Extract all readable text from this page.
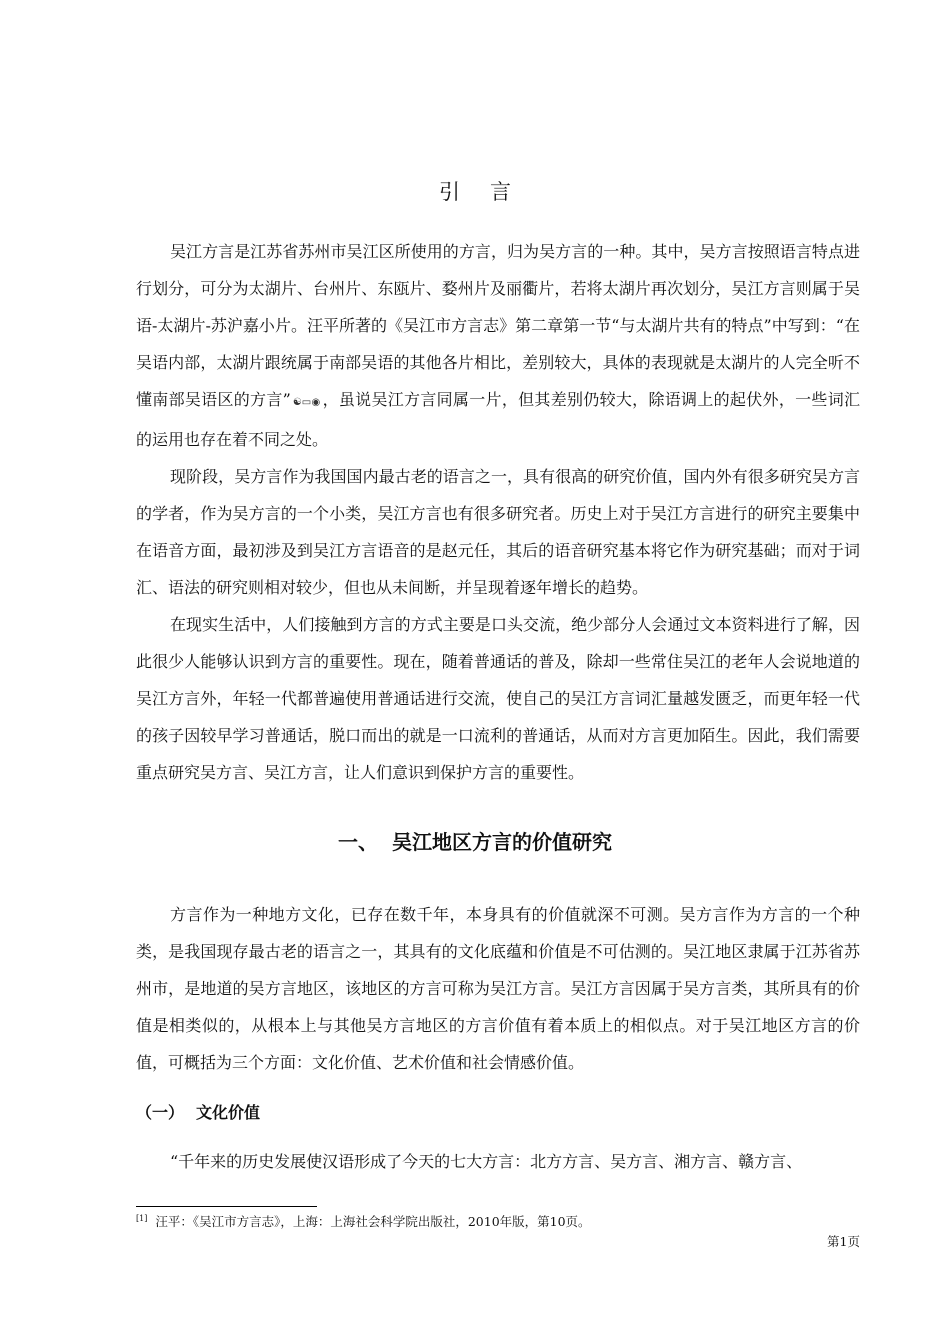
引言

吴江方言是江苏省苏州市吴江区所使用的方言，归为吴方言的一种。其中，吴方言按照语言特点进行划分，可分为太湖片、台州片、东瓯片、婺州片及丽衢片，若将太湖片再次划分，吴江方言则属于吴语-太湖片-苏沪嘉小片。汪平所著的《吴江市方言志》第二章第一节“与太湖片共有的特点”中写到：“在吴语内部，太湖片跟统属于南部吴语的其他各片相比，差别较大，具体的表现就是太湖片的人完全听不懂南部吴语区的方言” ☯▭◉ ，虽说吴江方言同属一片，但其差别仍较大，除语调上的起伏外，一些词汇的运用也存在着不同之处。

现阶段，吴方言作为我国国内最古老的语言之一，具有很高的研究价值，国内外有很多研究吴方言的学者，作为吴方言的一个小类，吴江方言也有很多研究者。历史上对于吴江方言进行的研究主要集中在语音方面，最初涉及到吴江方言语音的是赵元任，其后的语音研究基本将它作为研究基础；而对于词汇、语法的研究则相对较少，但也从未间断，并呈现着逐年增长的趋势。

在现实生活中，人们接触到方言的方式主要是口头交流，绝少部分人会通过文本资料进行了解，因此很少人能够认识到方言的重要性。现在，随着普通话的普及，除却一些常住吴江的老年人会说地道的吴江方言外，年轻一代都普遍使用普通话进行交流，使自己的吴江方言词汇量越发匮乏，而更年轻一代的孩子因较早学习普通话，脱口而出的就是一口流利的普通话，从而对方言更加陌生。因此，我们需要重点研究吴方言、吴江方言，让人们意识到保护方言的重要性。

一、 吴江地区方言的价值研究

方言作为一种地方文化，已存在数千年，本身具有的价值就深不可测。吴方言作为方言的一个种类，是我国现存最古老的语言之一，其具有的文化底蕴和价值是不可估测的。吴江地区隶属于江苏省苏州市，是地道的吴方言地区，该地区的方言可称为吴江方言。吴江方言因属于吴方言类，其所具有的价值是相类似的，从根本上与其他吴方言地区的方言价值有着本质上的相似点。对于吴江地区方言的价值，可概括为三个方面：文化价值、艺术价值和社会情感价值。

（一） 文化价值

“千年来的历史发展使汉语形成了今天的七大方言：北方方言、吴方言、湘方言、赣方言、

[1] 汪平：《吴江市方言志》，上海：上海社会科学院出版社，2010年版，第10页。

第1页
